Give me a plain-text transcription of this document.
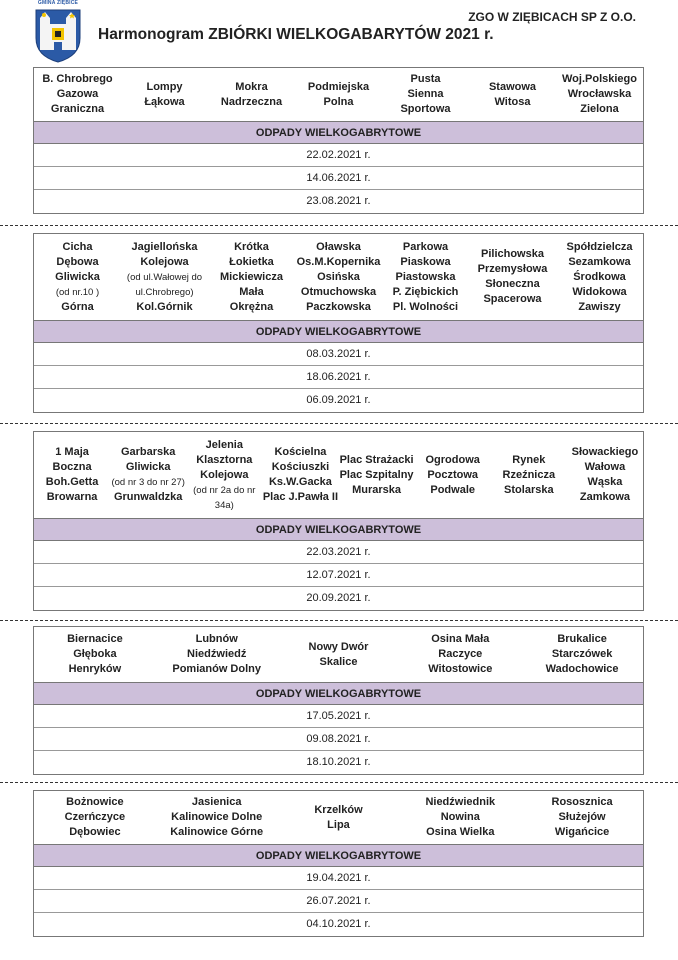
GMINA ZIĘBICE
ZGO W ZIĘBICACH SP Z O.O.
Harmonogram ZBIÓRKI WIELKOGABARYTÓW 2021 r.
B. Chrobrego
Gazowa
Graniczna
Lompy
Łąkowa
Mokra
Nadrzeczna
Podmiejska
Polna
Pusta
Sienna
Sportowa
Stawowa
Witosa
Woj.Polskiego
Wrocławska
Zielona
ODPADY WIELKOGABRYTOWE
22.02.2021 r.
14.06.2021 r.
23.08.2021 r.
Cicha
Dębowa
Gliwicka
(od nr.10 )
Górna
Jagiellońska
Kolejowa
(od ul.Wałowej do
ul.Chrobrego)
Kol.Górnik
Krótka
Łokietka
Mickiewicza
Mała
Okrężna
Oławska
Os.M.Kopernika
Osińska
Otmuchowska
Paczkowska
Parkowa
Piaskowa
Piastowska
P. Ziębickich
Pl. Wolności
Pilichowska
Przemysłowa
Słoneczna
Spacerowa
Spółdzielcza
Sezamkowa
Środkowa
Widokowa
Zawiszy
ODPADY WIELKOGABRYTOWE
08.03.2021 r.
18.06.2021 r.
06.09.2021 r.
1 Maja
Boczna
Boh.Getta
Browarna
Garbarska
Gliwicka
(od nr 3 do nr 27)
Grunwaldzka
Jelenia
Klasztorna
Kolejowa
(od nr 2a do nr 34a)
Kościelna
Kościuszki
Ks.W.Gacka
Plac J.Pawła II
Plac Strażacki
Plac Szpitalny
Murarska
Ogrodowa
Pocztowa
Podwale
Rynek
Rzeźnicza
Stolarska
Słowackiego
Wałowa
Wąska
Zamkowa
ODPADY WIELKOGABRYTOWE
22.03.2021 r.
12.07.2021 r.
20.09.2021 r.
Biernacice
Głęboka
Henryków
Lubnów
Niedźwiedź
Pomianów Dolny
Nowy Dwór
Skalice
Osina Mała
Raczyce
Witostowice
Brukalice
Starczówek
Wadochowice
ODPADY WIELKOGABRYTOWE
17.05.2021 r.
09.08.2021 r.
18.10.2021 r.
Bożnowice
Czerńczyce
Dębowiec
Jasienica
Kalinowice Dolne
Kalinowice Górne
Krzelków
Lipa
Niedźwiednik
Nowina
Osina Wielka
Rososznica
Służejów
Wigańcice
ODPADY WIELKOGABRYTOWE
19.04.2021 r.
26.07.2021 r.
04.10.2021 r.
